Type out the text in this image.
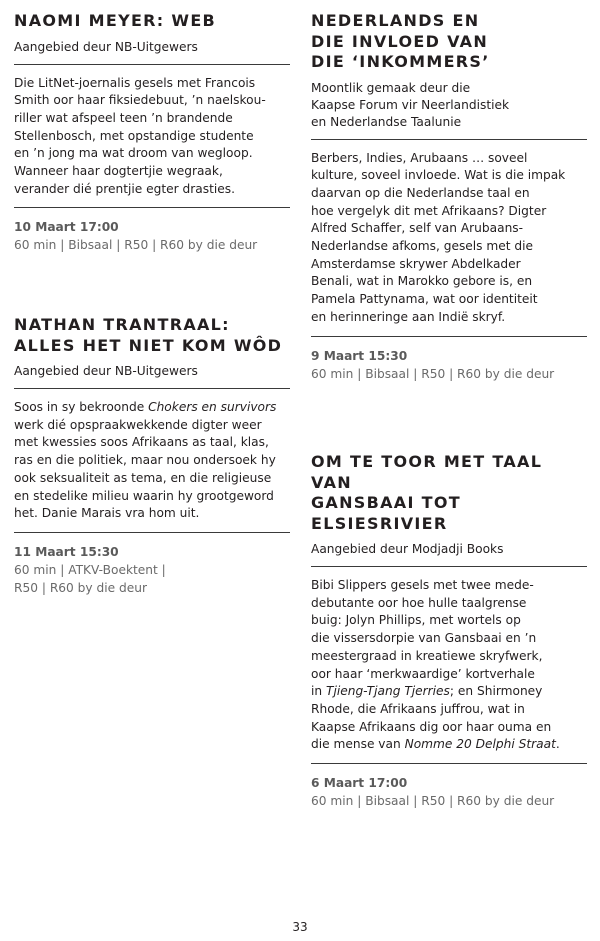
NAOMI MEYER: WEB

Aangebied deur NB-Uitgewers

Die LitNet-joernalis gesels met Francois
Smith oor haar fiksiedebuut, ’n naelskou-
riller wat afspeel teen ’n brandende
Stellenbosch, met opstandige studente
en ’n jong ma wat droom van wegloop.
Wanneer haar dogtertjie wegraak,
verander dié prentjie egter drasties.

10 Maart 17:00

60 min | Bibsaal | R50 | R60 by die deur

NATHAN TRANTRAAL:
ALLES HET NIET KOM WÔD

Aangebied deur NB-Uitgewers

Soos in sy bekroonde Chokers en survivors
werk dié opspraakwekkende digter weer
met kwessies soos Afrikaans as taal, klas,
ras en die politiek, maar nou ondersoek hy
ook seksualiteit as tema, en die religieuse
en stedelike milieu waarin hy grootgeword
het. Danie Marais vra hom uit.

11 Maart 15:30

60 min | ATKV-Boektent |
R50 | R60 by die deur

NEDERLANDS EN
DIE INVLOED VAN
DIE ‘INKOMMERS’

Moontlik gemaak deur die
Kaapse Forum vir Neerlandistiek
en Nederlandse Taalunie

Berbers, Indies, Arubaans … soveel
kulture, soveel invloede. Wat is die impak
daarvan op die Nederlandse taal en
hoe vergelyk dit met Afrikaans? Digter
Alfred Schaffer, self van Arubaans-
Nederlandse afkoms, gesels met die
Amsterdamse skrywer Abdelkader
Benali, wat in Marokko gebore is, en
Pamela Pattynama, wat oor identiteit
en herinneringe aan Indië skryf.

9 Maart 15:30

60 min | Bibsaal | R50 | R60 by die deur

OM TE TOOR MET TAAL VAN
GANSBAAI TOT ELSIESRIVIER

Aangebied deur Modjadji Books

Bibi Slippers gesels met twee mede-
debutante oor hoe hulle taalgrense
buig: Jolyn Phillips, met wortels op
die vissersdorpie van Gansbaai en ’n
meestergraad in kreatiewe skryfwerk,
oor haar ‘merkwaardige’ kortverhale
in Tjieng-Tjang Tjerries; en Shirmoney
Rhode, die Afrikaans juffrou, wat in
Kaapse Afrikaans dig oor haar ouma en
die mense van Nomme 20 Delphi Straat.

6 Maart 17:00

60 min | Bibsaal | R50 | R60 by die deur

33
